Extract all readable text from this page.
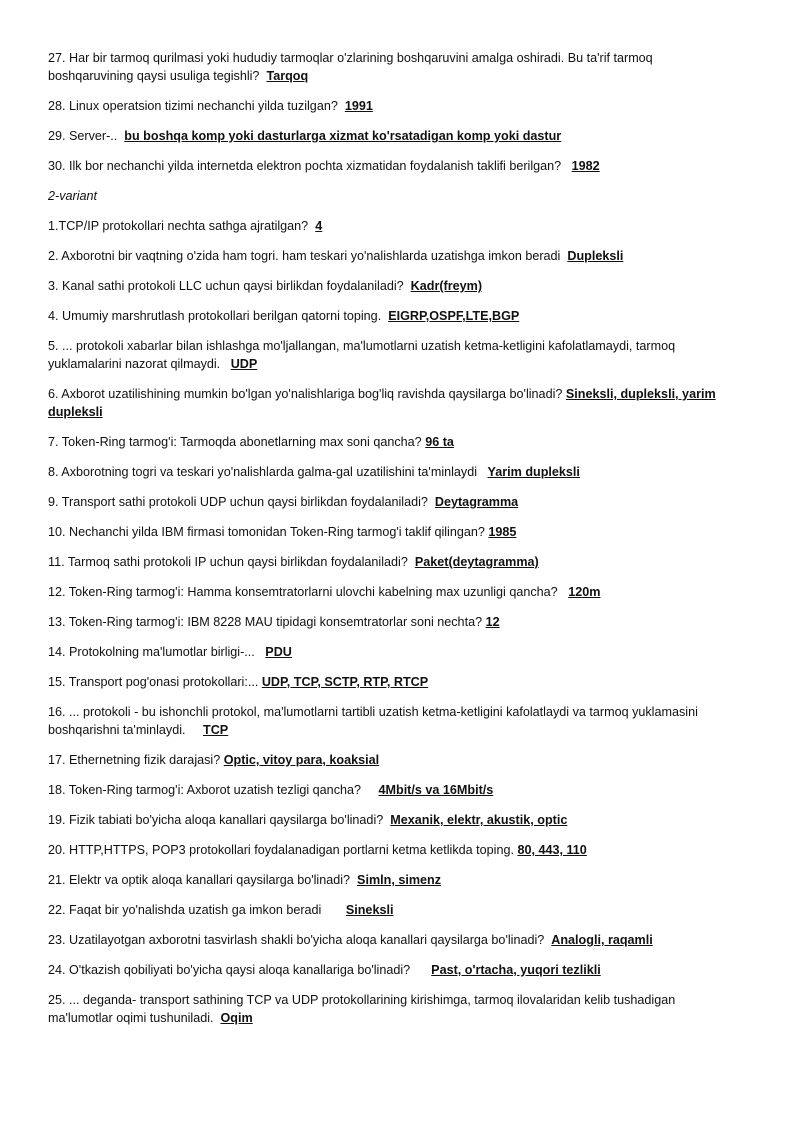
27. Har bir tarmoq qurilmasi yoki hududiy tarmoqlar o'zlarining boshqaruvini amalga oshiradi. Bu ta'rif tarmoq boshqaruvining qaysi usuliga tegishli? Tarqoq

28. Linux operatsion tizimi nechanchi yilda tuzilgan? 1991

29. Server-.. bu boshqa komp yoki dasturlarga xizmat ko'rsatadigan komp yoki dastur

30. Ilk bor nechanchi yilda internetda elektron pochta xizmatidan foydalanish taklifi berilgan? 1982

2-variant

1.TCP/IP protokollari nechta sathga ajratilgan? 4

2. Axborotni bir vaqtning o'zida ham togri. ham teskari yo'nalishlarda uzatishga imkon beradi Dupleksli

3. Kanal sathi protokoli LLC uchun qaysi birlikdan foydalaniladi? Kadr(freym)

4. Umumiy marshrutlash protokollari berilgan qatorni toping. EIGRP,OSPF,LTE,BGP

5. ... protokoli xabarlar bilan ishlashga mo'ljallangan, ma'lumotlarni uzatish ketma-ketligini kafolatlamaydi, tarmoq yuklamalarini nazorat qilmaydi. UDP

6. Axborot uzatilishining mumkin bo'lgan yo'nalishlariga bog'liq ravishda qaysilarga bo'linadi? Sineksli, dupleksli, yarim dupleksli

7. Token-Ring tarmog'i: Tarmoqda abonetlarning max soni qancha? 96 ta

8. Axborotning togri va teskari yo'nalishlarda galma-gal uzatilishini ta'minlaydi Yarim dupleksli

9. Transport sathi protokoli UDP uchun qaysi birlikdan foydalaniladi? Deytagramma

10. Nechanchi yilda IBM firmasi tomonidan Token-Ring tarmog'i taklif qilingan? 1985

11. Tarmoq sathi protokoli IP uchun qaysi birlikdan foydalaniladi? Paket(deytagramma)

12. Token-Ring tarmog'i: Hamma konsemtratorlarni ulovchi kabelning max uzunligi qancha? 120m

13. Token-Ring tarmog'i: IBM 8228 MAU tipidagi konsemtratorlar soni nechta? 12

14. Protokolning ma'lumotlar birligi-... PDU

15. Transport pog'onasi protokollari:... UDP, TCP, SCTP, RTP, RTCP

16. ... protokoli - bu ishonchli protokol, ma'lumotlarni tartibli uzatish ketma-ketligini kafolatlaydi va tarmoq yuklamasini boshqarishni ta'minlaydi. TCP

17. Ethernetning fizik darajasi? Optic, vitoy para, koaksial

18. Token-Ring tarmog'i: Axborot uzatish tezligi qancha? 4Mbit/s va 16Mbit/s

19. Fizik tabiati bo'yicha aloqa kanallari qaysilarga bo'linadi? Mexanik, elektr, akustik, optic

20. HTTP,HTTPS, POP3 protokollari foydalanadigan portlarni ketma ketlikda toping. 80, 443, 110

21. Elektr va optik aloqa kanallari qaysilarga bo'linadi? Simln, simenz

22. Faqat bir yo'nalishda uzatish ga imkon beradi Sineksli

23. Uzatilayotgan axborotni tasvirlash shakli bo'yicha aloqa kanallari qaysilarga bo'linadi? Analogli, raqamli

24. O'tkazish qobiliyati bo'yicha qaysi aloqa kanallariga bo'linadi? Past, o'rtacha, yuqori tezlikli

25. ... deganda- transport sathining TCP va UDP protokollarining kirishimga, tarmoq ilovalaridan kelib tushadigan ma'lumotlar oqimi tushuniladi. Oqim
